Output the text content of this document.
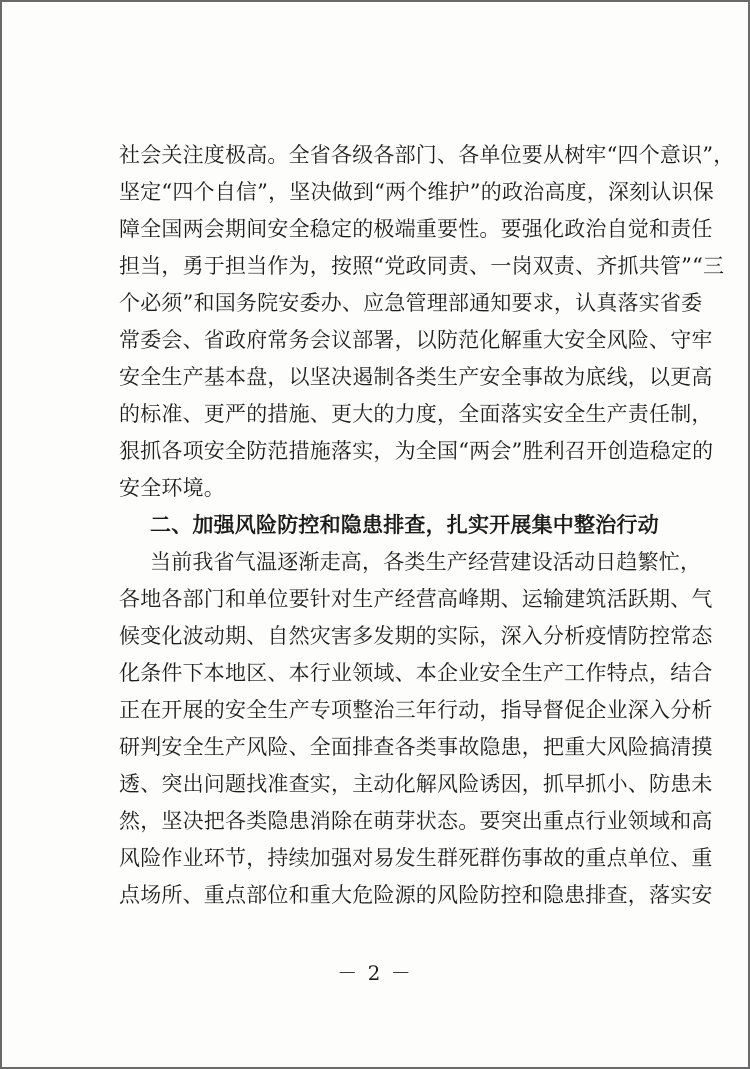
社会关注度极高。全省各级各部门、各单位要从树牢“四个意识”，
坚定“四个自信”，坚决做到“两个维护”的政治高度，深刻认识保
障全国两会期间安全稳定的极端重要性。要强化政治自觉和责任
担当，勇于担当作为，按照“党政同责、一岗双责、齐抓共管”“三
个必须”和国务院安委办、应急管理部通知要求，认真落实省委
常委会、省政府常务会议部署，以防范化解重大安全风险、守牢
安全生产基本盘，以坚决遏制各类生产安全事故为底线，以更高
的标准、更严的措施、更大的力度，全面落实安全生产责任制，
狠抓各项安全防范措施落实，为全国“两会”胜利召开创造稳定的
安全环境。
二、加强风险防控和隐患排查，扎实开展集中整治行动
当前我省气温逐渐走高，各类生产经营建设活动日趋繁忙，
各地各部门和单位要针对生产经营高峰期、运输建筑活跃期、气
候变化波动期、自然灾害多发期的实际，深入分析疫情防控常态
化条件下本地区、本行业领域、本企业安全生产工作特点，结合
正在开展的安全生产专项整治三年行动，指导督促企业深入分析
研判安全生产风险、全面排查各类事故隐患，把重大风险搞清摸
透、突出问题找准查实，主动化解风险诱因，抓早抓小、防患未
然，坚决把各类隐患消除在萌芽状态。要突出重点行业领域和高
风险作业环节，持续加强对易发生群死群伤事故的重点单位、重
点场所、重点部位和重大危险源的风险防控和隐患排查，落实安
－ 2 －
